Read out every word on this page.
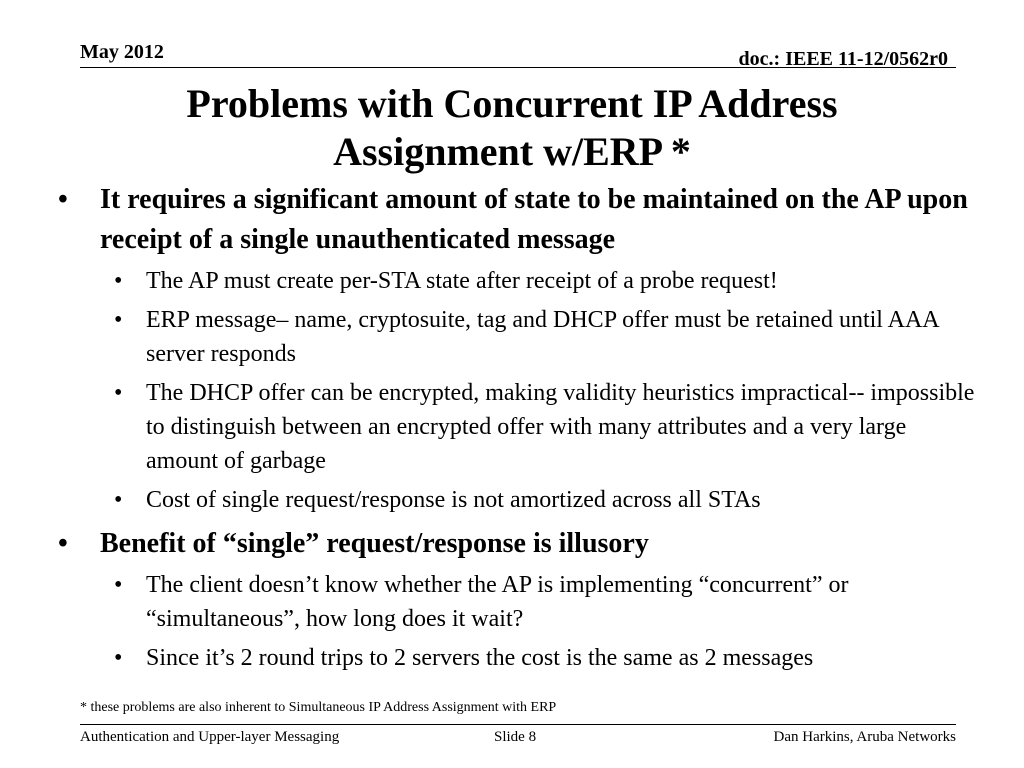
May 2012	doc.: IEEE 11-12/0562r0
Problems with Concurrent IP Address
Assignment w/ERP *
• It requires a significant amount of state to be maintained on the AP upon receipt of a single unauthenticated message
• The AP must create per-STA state after receipt of a probe request!
• ERP message– name, cryptosuite, tag and DHCP offer must be retained until AAA server responds
• The DHCP offer can be encrypted, making validity heuristics impractical-- impossible to distinguish between an encrypted offer with many attributes and a very large amount of garbage
• Cost of single request/response is not amortized across all STAs
• Benefit of “single” request/response is illusory
• The client doesn’t know whether the AP is implementing “concurrent” or “simultaneous”, how long does it wait?
• Since it’s 2 round trips to 2 servers the cost is the same as 2 messages
* these problems are also inherent to Simultaneous IP Address Assignment with ERP
Authentication and Upper-layer Messaging	Slide 8	Dan Harkins, Aruba Networks
